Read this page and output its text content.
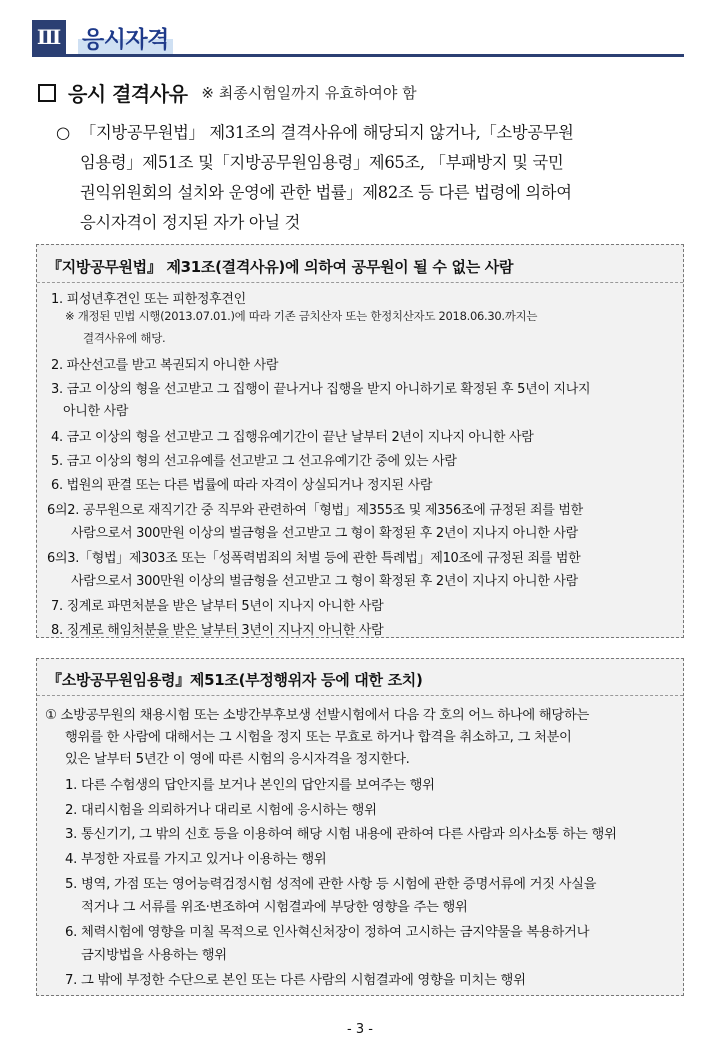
Ⅲ 응시자격
응시 결격사유 ※ 최종시험일까지 유효하여야 함
○ 「지방공무원법」 제31조의 결격사유에 해당되지 않거나,「소방공무원
임용령」제51조 및「지방공무원임용령」제65조, 「부패방지 및 국민
권익위원회의 설치와 운영에 관한 법률」제82조 등 다른 법령에 의하여
응시자격이 정지된 자가 아닐 것
『지방공무원법』 제31조(결격사유)에 의하여 공무원이 될 수 없는 사람
1. 피성년후견인 또는 피한정후견인
※ 개정된 민법 시행(2013.07.01.)에 따라 기존 금치산자 또는 한정치산자도 2018.06.30.까지는
결격사유에 해당.
2. 파산선고를 받고 복권되지 아니한 사람
3. 금고 이상의 형을 선고받고 그 집행이 끝나거나 집행을 받지 아니하기로 확정된 후 5년이 지나지
아니한 사람
4. 금고 이상의 형을 선고받고 그 집행유예기간이 끝난 날부터 2년이 지나지 아니한 사람
5. 금고 이상의 형의 선고유예를 선고받고 그 선고유예기간 중에 있는 사람
6. 법원의 판결 또는 다른 법률에 따라 자격이 상실되거나 정지된 사람
6의2. 공무원으로 재직기간 중 직무와 관련하여「형법」제355조 및 제356조에 규정된 죄를 범한
사람으로서 300만원 이상의 벌금형을 선고받고 그 형이 확정된 후 2년이 지나지 아니한 사람
6의3.「형법」제303조 또는「성폭력범죄의 처벌 등에 관한 특례법」제10조에 규정된 죄를 범한
사람으로서 300만원 이상의 벌금형을 선고받고 그 형이 확정된 후 2년이 지나지 아니한 사람
7. 징계로 파면처분을 받은 날부터 5년이 지나지 아니한 사람
8. 징계로 해임처분을 받은 날부터 3년이 지나지 아니한 사람
『소방공무원임용령』제51조(부정행위자 등에 대한 조치)
① 소방공무원의 채용시험 또는 소방간부후보생 선발시험에서 다음 각 호의 어느 하나에 해당하는
행위를 한 사람에 대해서는 그 시험을 정지 또는 무효로 하거나 합격을 취소하고, 그 처분이
있은 날부터 5년간 이 영에 따른 시험의 응시자격을 정지한다.
1. 다른 수험생의 답안지를 보거나 본인의 답안지를 보여주는 행위
2. 대리시험을 의뢰하거나 대리로 시험에 응시하는 행위
3. 통신기기, 그 밖의 신호 등을 이용하여 해당 시험 내용에 관하여 다른 사람과 의사소통 하는 행위
4. 부정한 자료를 가지고 있거나 이용하는 행위
5. 병역, 가점 또는 영어능력검정시험 성적에 관한 사항 등 시험에 관한 증명서류에 거짓 사실을
적거나 그 서류를 위조·변조하여 시험결과에 부당한 영향을 주는 행위
6. 체력시험에 영향을 미칠 목적으로 인사혁신처장이 정하여 고시하는 금지약물을 복용하거나
금지방법을 사용하는 행위
7. 그 밖에 부정한 수단으로 본인 또는 다른 사람의 시험결과에 영향을 미치는 행위
- 3 -
